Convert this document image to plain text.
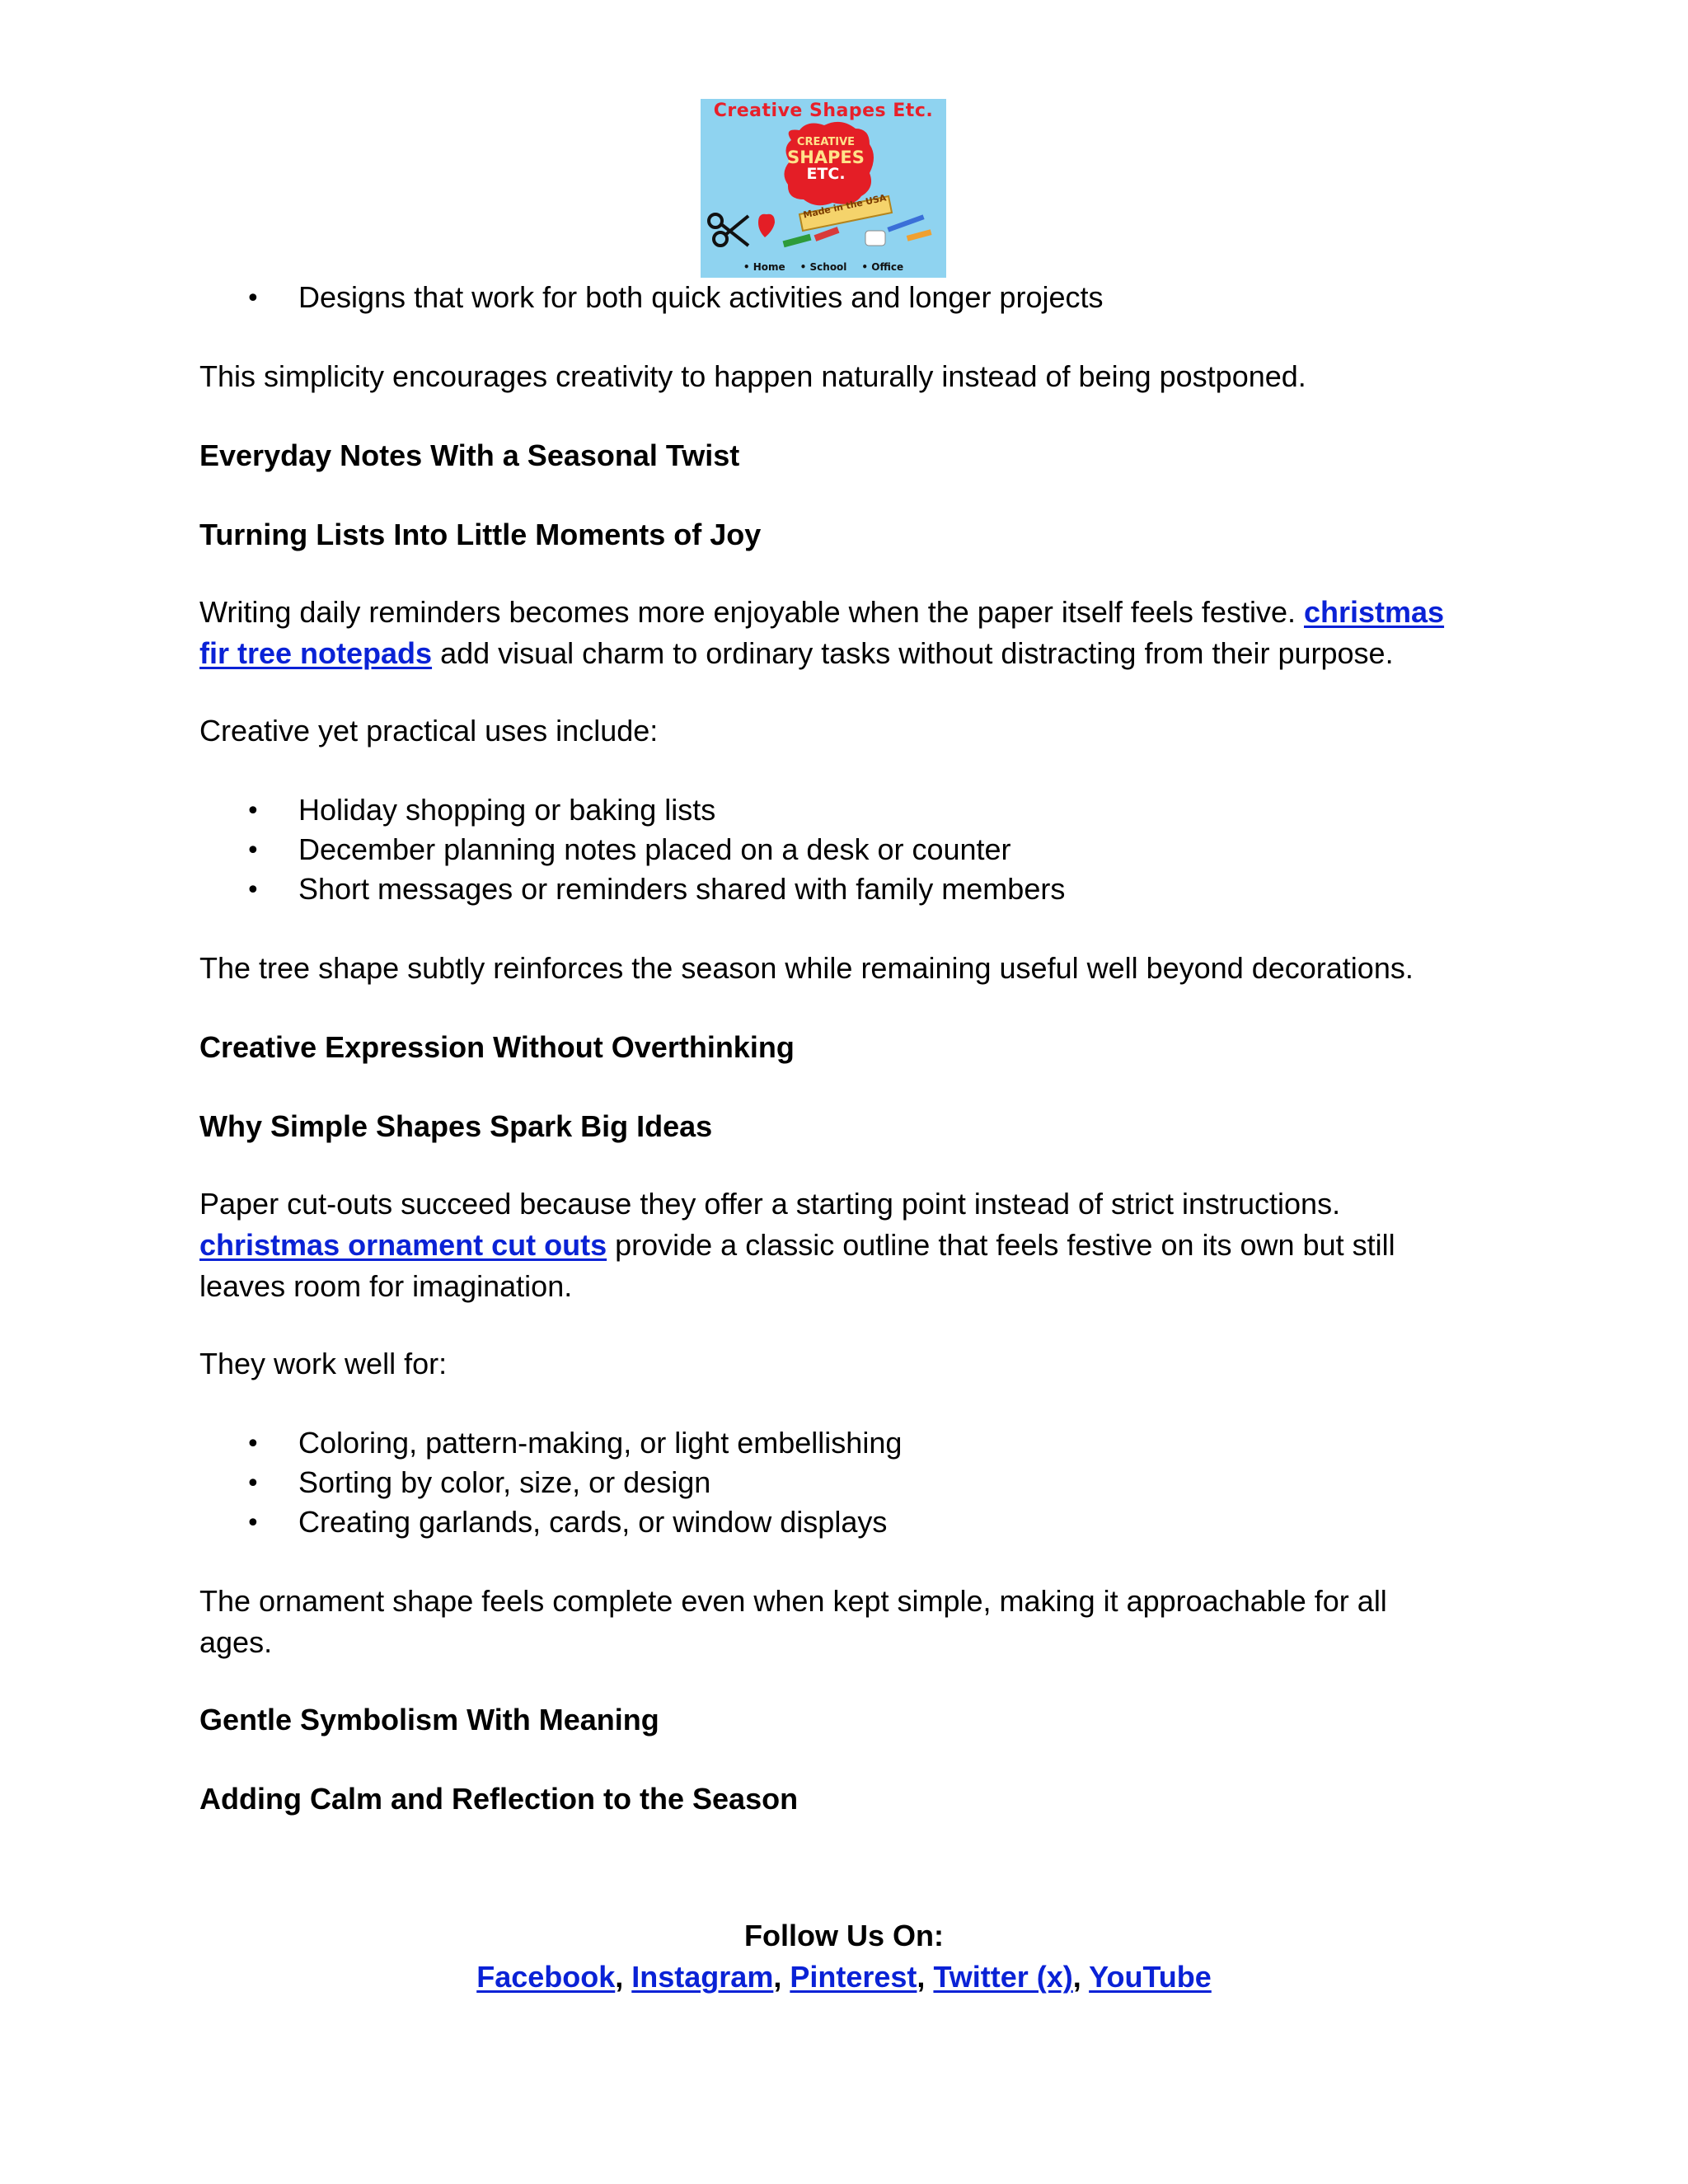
Creative Shapes Etc.
CREATIVE
SHAPES
ETC.
Made in the USA
• Home	• School	• Office
• Designs that work for both quick activities and longer projects
This simplicity encourages creativity to happen naturally instead of being postponed.
Everyday Notes With a Seasonal Twist
Turning Lists Into Little Moments of Joy
Writing daily reminders becomes more enjoyable when the paper itself feels festive. christmas
fir tree notepads add visual charm to ordinary tasks without distracting from their purpose.
Creative yet practical uses include:
• Holiday shopping or baking lists
• December planning notes placed on a desk or counter
• Short messages or reminders shared with family members
The tree shape subtly reinforces the season while remaining useful well beyond decorations.
Creative Expression Without Overthinking
Why Simple Shapes Spark Big Ideas
Paper cut-outs succeed because they offer a starting point instead of strict instructions.
christmas ornament cut outs provide a classic outline that feels festive on its own but still
leaves room for imagination.
They work well for:
• Coloring, pattern-making, or light embellishing
• Sorting by color, size, or design
• Creating garlands, cards, or window displays
The ornament shape feels complete even when kept simple, making it approachable for all
ages.
Gentle Symbolism With Meaning
Adding Calm and Reflection to the Season
Follow Us On:
Facebook, Instagram, Pinterest, Twitter (x), YouTube
